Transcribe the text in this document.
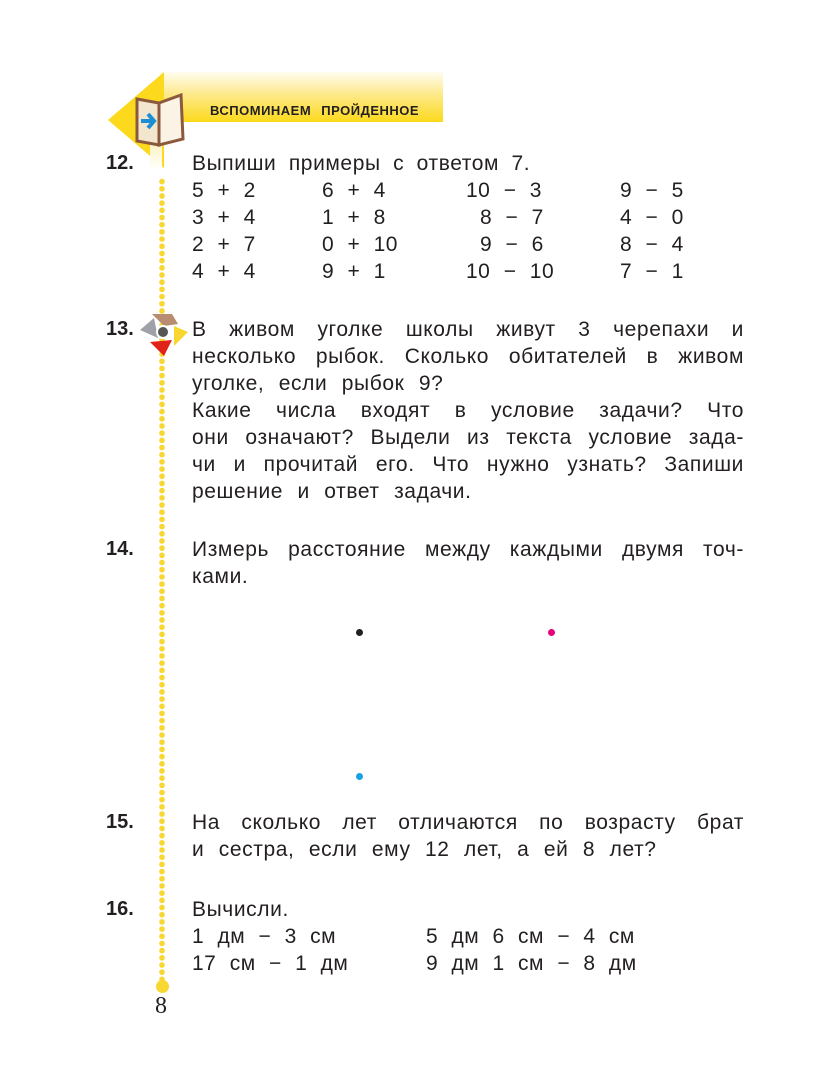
ВСПОМИНАЕМ ПРОЙДЕННОЕ
12.	Выпиши примеры с ответом 7.
5 + 2	6 + 4	10 − 3	9 − 5
3 + 4	1 + 8	8 − 7	4 − 0
2 + 7	0 + 10	9 − 6	8 − 4
4 + 4	9 + 1	10 − 10	7 − 1
13.	В живом уголке школы живут 3 черепахи и
несколько рыбок. Сколько обитателей в живом
уголке, если рыбок 9?
Какие числа входят в условие задачи? Что
они означают? Выдели из текста условие зада-
чи и прочитай его. Что нужно узнать? Запиши
решение и ответ задачи.
14.	Измерь расстояние между каждыми двумя точ-
ками.
15.	На сколько лет отличаются по возрасту брат
и сестра, если ему 12 лет, а ей 8 лет?
16.	Вычисли.
1 дм − 3 см	5 дм 6 см − 4 см
17 см − 1 дм	9 дм 1 см − 8 дм
8
